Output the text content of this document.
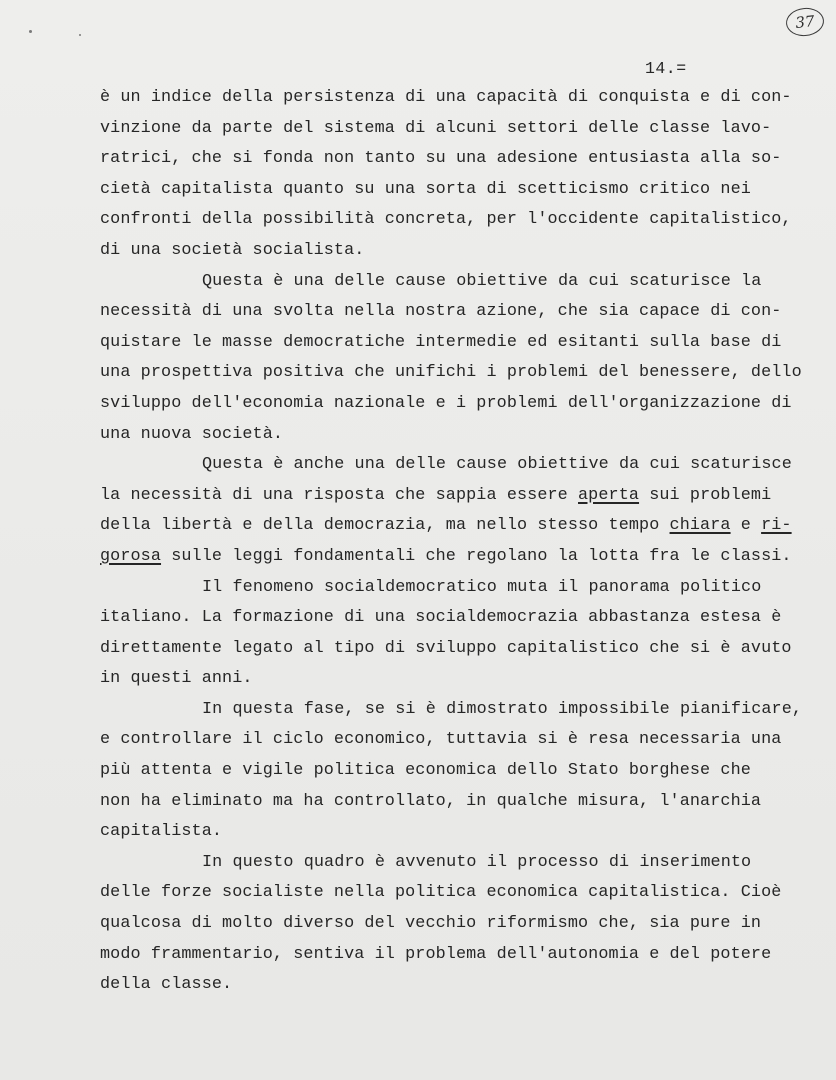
37
14.=
è un indice della persistenza di una capacità di conquista e di con-
vinzione da parte del sistema di alcuni settori delle classe lavo-
ratrici, che si fonda non tanto su una adesione entusiasta alla so-
cietà capitalista quanto su una sorta di scetticismo critico nei
confronti della possibilità concreta, per l'occidente capitalistico,
di una società socialista.
Questa è una delle cause obiettive da cui scaturisce la
necessità di una svolta nella nostra azione, che sia capace di con-
quistare le masse democratiche intermedie ed esitanti sulla base di
una prospettiva positiva che unifichi i problemi del benessere, dello
sviluppo dell'economia nazionale e i problemi dell'organizzazione di
una nuova società.
Questa è anche una delle cause obiettive da cui scaturisce
la necessità di una risposta che sappia essere aperta sui problemi
della libertà e della democrazia, ma nello stesso tempo chiara e ri-
gorosa sulle leggi fondamentali che regolano la lotta fra le classi.
Il fenomeno socialdemocratico muta il panorama politico
italiano. La formazione di una socialdemocrazia abbastanza estesa è
direttamente legato al tipo di sviluppo capitalistico che si è avuto
in questi anni.
In questa fase, se si è dimostrato impossibile pianificare,
e controllare il ciclo economico, tuttavia si è resa necessaria una
più attenta e vigile politica economica dello Stato borghese che
non ha eliminato ma ha controllato, in qualche misura, l'anarchia
capitalista.
In questo quadro è avvenuto il processo di inserimento
delle forze socialiste nella politica economica capitalistica. Cioè
qualcosa di molto diverso del vecchio riformismo che, sia pure in
modo frammentario, sentiva il problema dell'autonomia e del potere
della classe.
